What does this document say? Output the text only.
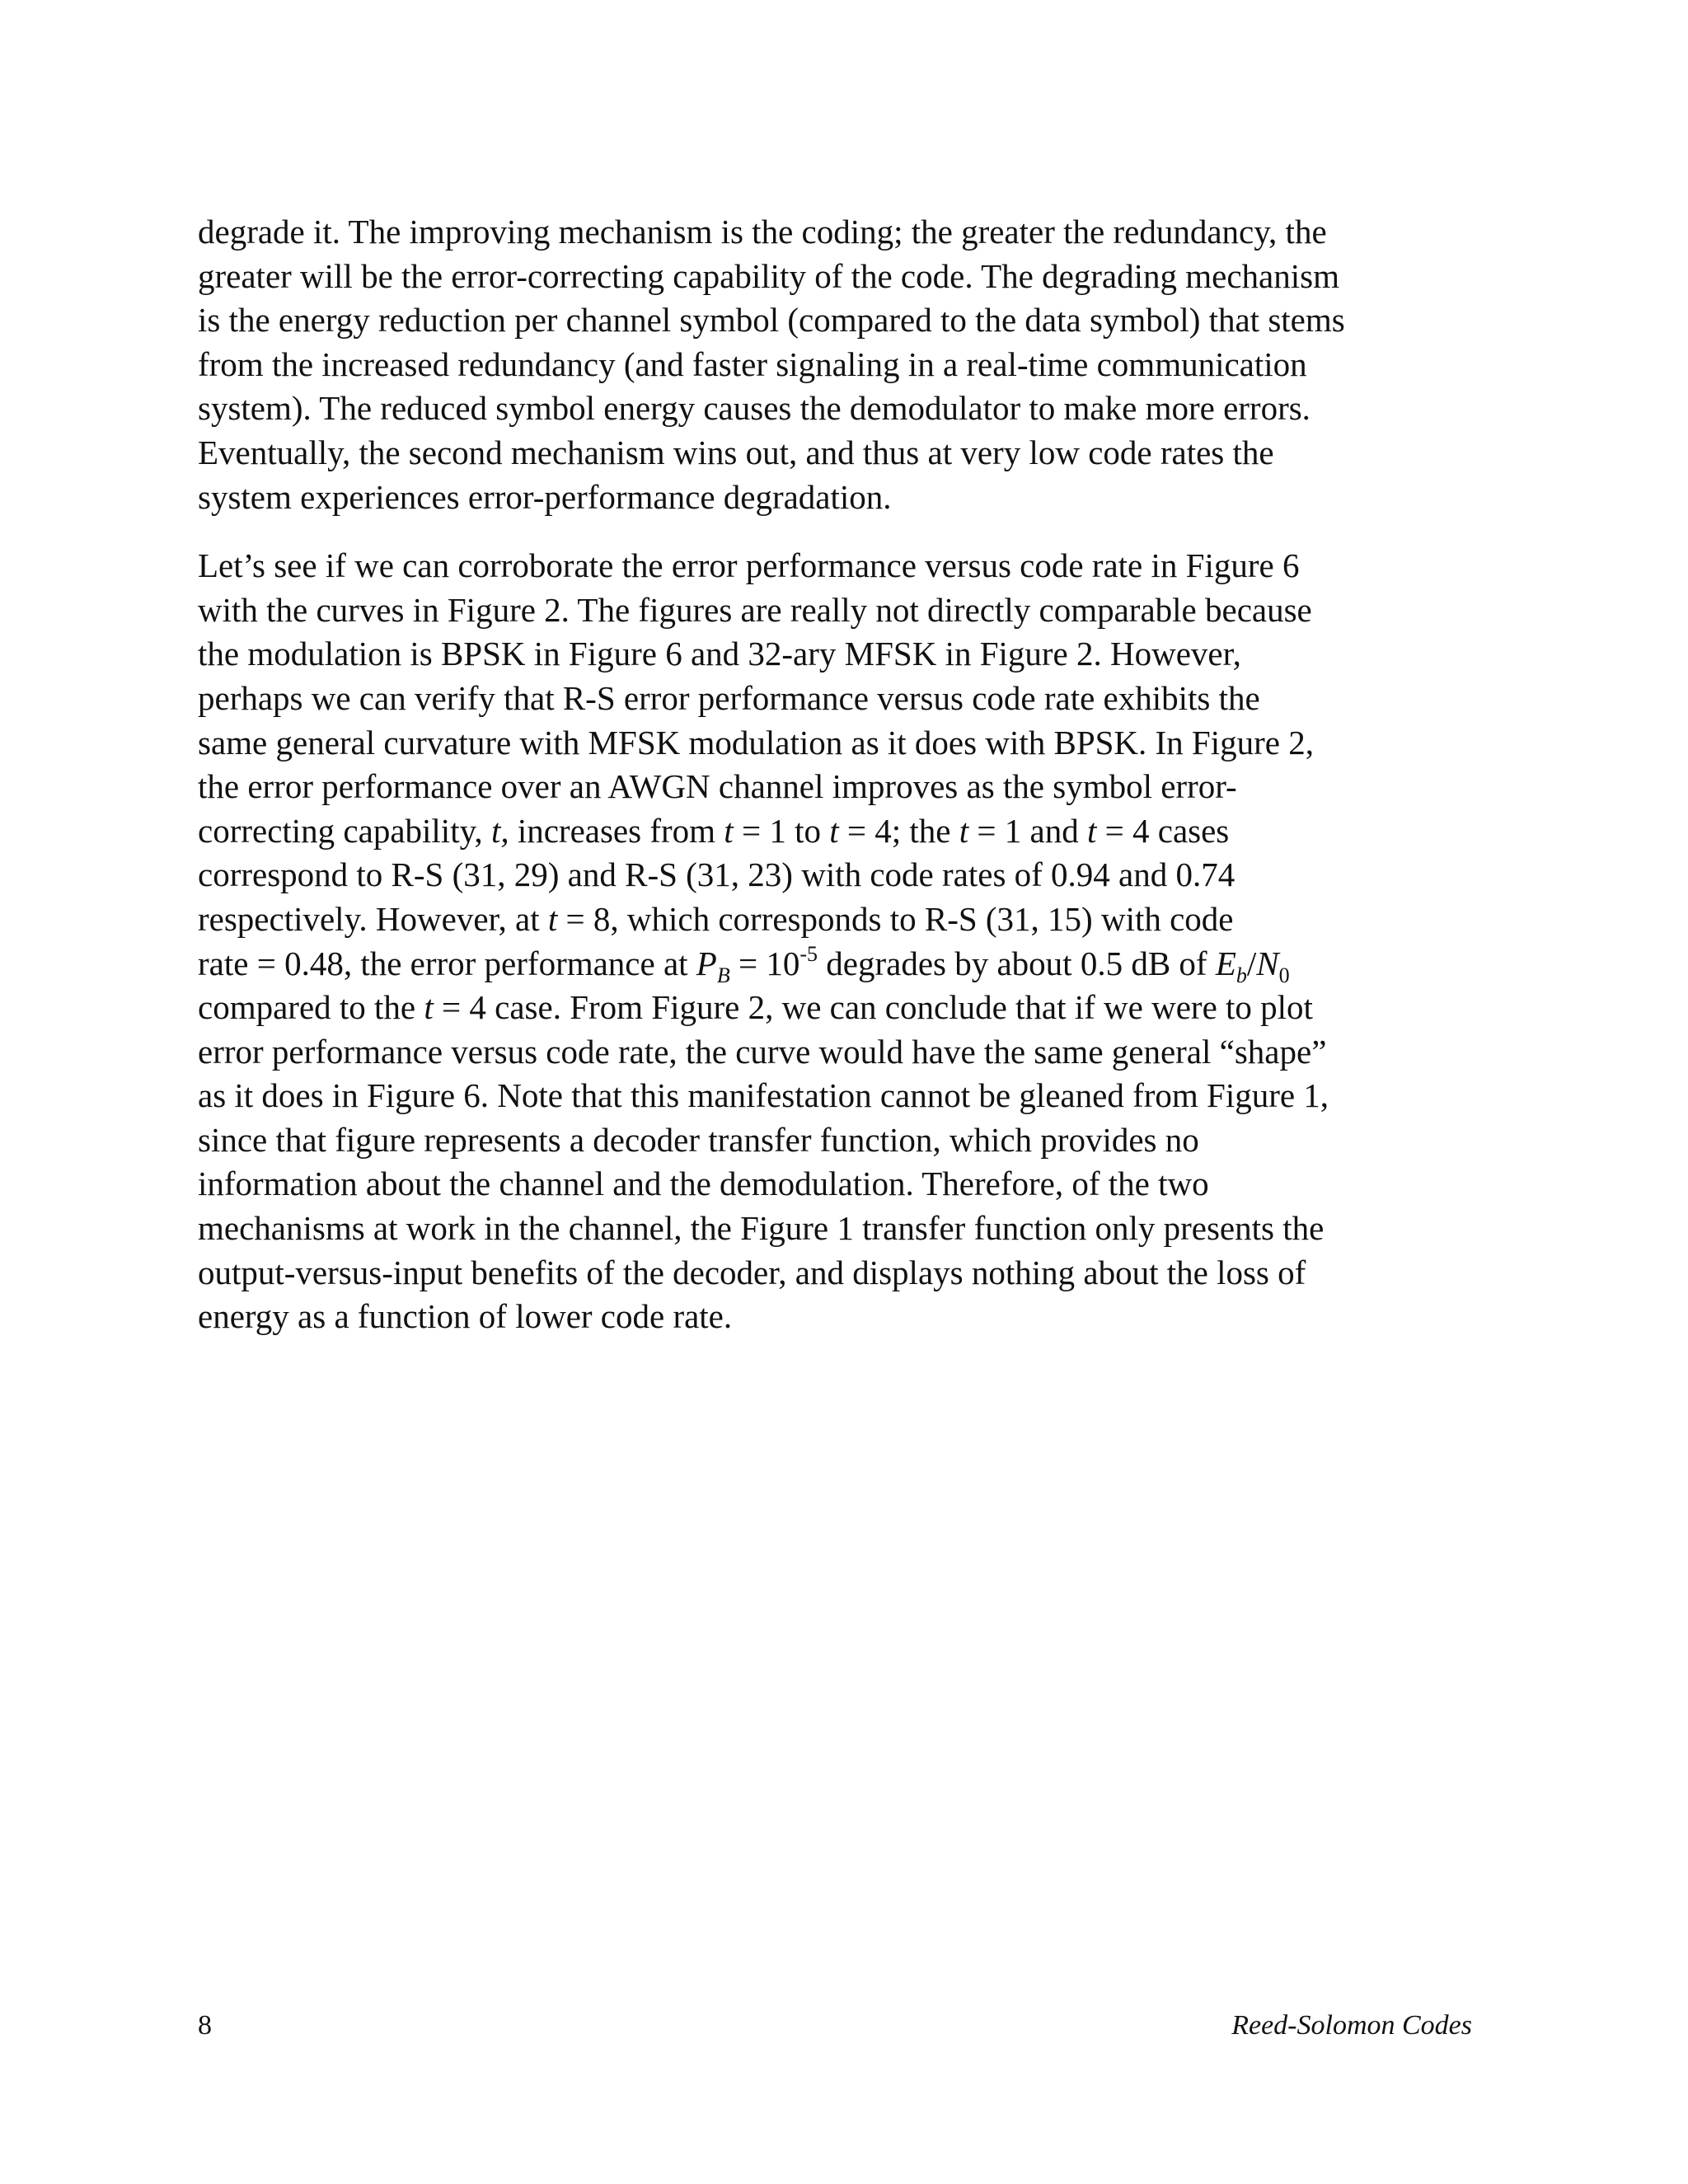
degrade it. The improving mechanism is the coding; the greater the redundancy, the
greater will be the error-correcting capability of the code. The degrading mechanism
is the energy reduction per channel symbol (compared to the data symbol) that stems
from the increased redundancy (and faster signaling in a real-time communication
system). The reduced symbol energy causes the demodulator to make more errors.
Eventually, the second mechanism wins out, and thus at very low code rates the
system experiences error-performance degradation.

Let’s see if we can corroborate the error performance versus code rate in Figure 6
with the curves in Figure 2. The figures are really not directly comparable because
the modulation is BPSK in Figure 6 and 32-ary MFSK in Figure 2. However,
perhaps we can verify that R-S error performance versus code rate exhibits the
same general curvature with MFSK modulation as it does with BPSK. In Figure 2,
the error performance over an AWGN channel improves as the symbol error-
correcting capability, t, increases from t = 1 to t = 4; the t = 1 and t = 4 cases
correspond to R-S (31, 29) and R-S (31, 23) with code rates of 0.94 and 0.74
respectively. However, at t = 8, which corresponds to R-S (31, 15) with code
rate = 0.48, the error performance at $P_B = 10^{-5}$ degrades by about 0.5 dB of $E_b/N_0$
compared to the t = 4 case. From Figure 2, we can conclude that if we were to plot
error performance versus code rate, the curve would have the same general “shape”
as it does in Figure 6. Note that this manifestation cannot be gleaned from Figure 1,
since that figure represents a decoder transfer function, which provides no
information about the channel and the demodulation. Therefore, of the two
mechanisms at work in the channel, the Figure 1 transfer function only presents the
output-versus-input benefits of the decoder, and displays nothing about the loss of
energy as a function of lower code rate.

8	Reed-Solomon Codes
